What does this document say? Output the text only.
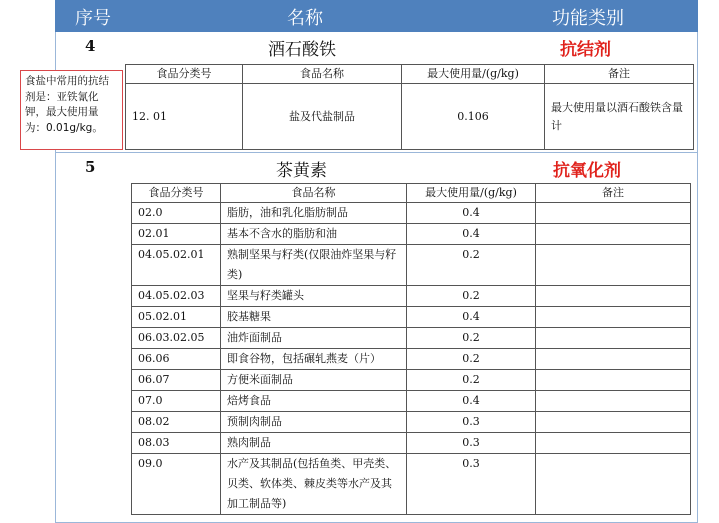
序号	名称	功能类别
4	酒石酸铁	抗结剂
食品分类号	食品名称	最大使用量/(g/kg)	备注
12. 01	盐及代盐制品	0.106	最大使用量以酒石酸铁含量计
5	茶黄素	抗氧化剂
食品分类号	食品名称	最大使用量/(g/kg)	备注
02.0	脂肪，油和乳化脂肪制品	0.4	
02.01	基本不含水的脂肪和油	0.4	
04.05.02.01	熟制坚果与籽类(仅限油炸坚果与籽类)	0.2	
04.05.02.03	坚果与籽类罐头	0.2	
05.02.01	胶基糖果	0.4	
06.03.02.05	油炸面制品	0.2	
06.06	即食谷物，包括碾轧燕麦（片）	0.2	
06.07	方便米面制品	0.2	
07.0	焙烤食品	0.4	
08.02	预制肉制品	0.3	
08.03	熟肉制品	0.3	
09.0	水产及其制品(包括鱼类、甲壳类、贝类、软体类、棘皮类等水产及其加工制品等)	0.3	
食盐中常用的抗结剂是：亚铁氰化钾，最大使用量为：0.01g/kg。
